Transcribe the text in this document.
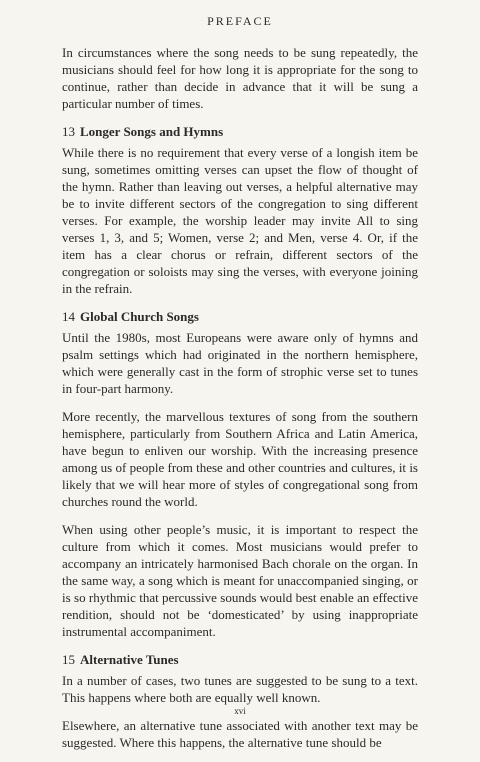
PREFACE

In circumstances where the song needs to be sung repeatedly, the musicians should feel for how long it is appropriate for the song to continue, rather than decide in advance that it will be sung a particular number of times.

13 Longer Songs and Hymns

While there is no requirement that every verse of a longish item be sung, sometimes omitting verses can upset the flow of thought of the hymn. Rather than leaving out verses, a helpful alternative may be to invite different sectors of the congregation to sing different verses. For example, the worship leader may invite All to sing verses 1, 3, and 5; Women, verse 2; and Men, verse 4. Or, if the item has a clear chorus or refrain, different sectors of the congregation or soloists may sing the verses, with everyone joining in the refrain.

14 Global Church Songs

Until the 1980s, most Europeans were aware only of hymns and psalm settings which had originated in the northern hemisphere, which were generally cast in the form of strophic verse set to tunes in four-part harmony.

More recently, the marvellous textures of song from the southern hemisphere, particularly from Southern Africa and Latin America, have begun to enliven our worship. With the increasing presence among us of people from these and other countries and cultures, it is likely that we will hear more of styles of congregational song from churches round the world.

When using other people’s music, it is important to respect the culture from which it comes. Most musicians would prefer to accompany an intricately harmonised Bach chorale on the organ. In the same way, a song which is meant for unaccompanied singing, or is so rhythmic that percussive sounds would best enable an effective rendition, should not be ‘domesticated’ by using inappropriate instrumental accompaniment.

15 Alternative Tunes

In a number of cases, two tunes are suggested to be sung to a text. This happens where both are equally well known.

Elsewhere, an alternative tune associated with another text may be suggested. Where this happens, the alternative tune should be

xvi
